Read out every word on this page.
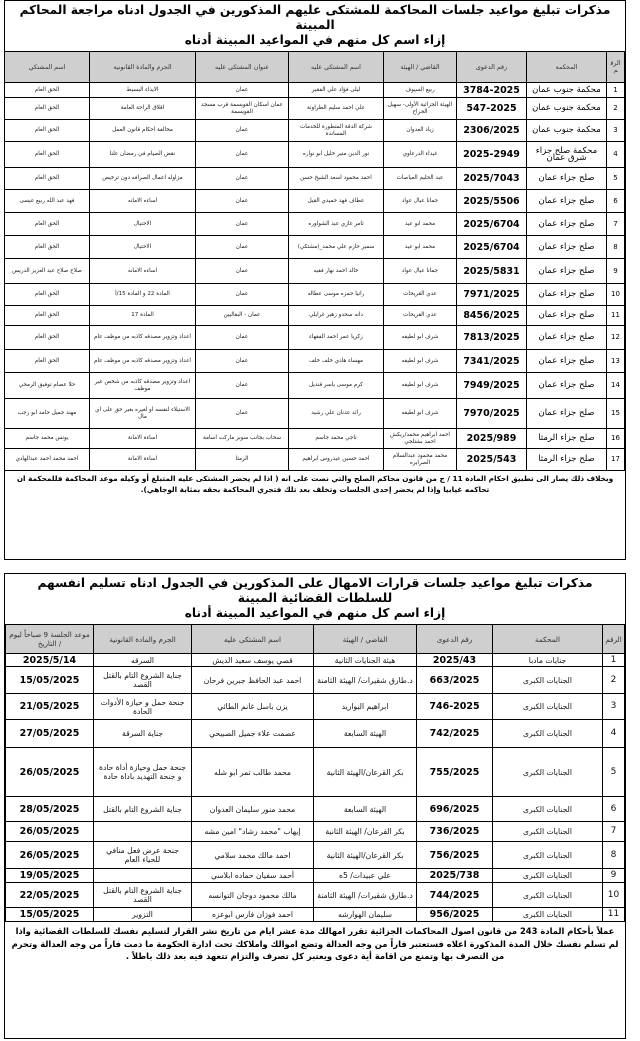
مذكرات تبليغ مواعيد جلسات المحاكمة للمشتكى عليهم المذكورين في الجدول ادناه مراجعة المحاكم المبينة
إزاء اسم كل منهم في المواعيد المبينة أدناه
الرقم	المحكمة	رقم الدعوى	القاضي / الهيئة	اسم المشتكى عليه	عنوان المشتكى عليه	الجرم والمادة القانونية	اسم المشتكي
1	محكمة جنوب عمان	3784-2025	ربيع السيوف	ليلى فؤاد علي الفقير	عمان	الايذاء البسيط	الحق العام
2	محكمة جنوب عمان	547-2025	الهيئة الجزائية الأولى- سهيل الجراح	علي احمد سليم الطراونة	عمان اسكان القويسمة قرب مسجد القويسمة	اقلاق الراحة العامة	الحق العام
3	محكمة جنوب عمان	2306/2025	زياد العدوان	شركة الدقة المتطورة للخدمات المساندة	عمان	مخالفة احكام قانون العمل	الحق العام
4	محكمة صلح جزاء شرق عمان	2025-2949	غيداء الدرعاوي	نور الدين منير خليل ابو نواره	عمان	نقض الصيام في رمضان علنا	الحق العام
5	صلح جزاء عمان	2025/7043	عبد الحليم العياصات	احمد محمود اسعد الشيخ حسن	عمان	مزاوله اعمال الصرافه دون ترخيص	الحق العام
6	صلح جزاء عمان	2025/5506	جمانا عيال عواد	عطاف فهد حميدي القيل	عمان	اساءه الامانه	فهد عبد الله ربيع عيسى
7	صلح جزاء عمان	2025/6704	محمد ابو عيد	ثامر غازي عبد الشواوره	عمان	الاحتيال	الحق العام
8	صلح جزاء عمان	2025/6704	محمد ابو عيد	سمير حازم علي محمد_(مشتكي)	عمان	الاحتيال	الحق العام
9	صلح جزاء عمان	2025/5831	جمانا عيال عواد	خالد احمد نهار فقيه	عمان	اساءه الامانه	صلاح صلاح عبد العزيز الدريس
10	صلح جزاء عمان	7971/2025	عدي القريحات	رانيا حمزه موسى عطاله	عمان	المادة 22 و المادة 15/أ	الحق العام
11	صلح جزاء عمان	8456/2025	عدي القريحات	دانه سحدو زهير غرايلي	عمان - البقاليين	المادة 17	الحق العام
12	صلح جزاء عمان	7813/2025	شرف ابو لطيفه	زكريا عمر احمد الفقهاء	عمان	اعداد وتزوير مصدقه كاذبه من موظف عام	الحق العام
13	صلح جزاء عمان	7341/2025	شرف ابو لطيفه	مهساء هادي خلف خلف	عمان	اعداد وتزوير مصدقه كاذبه من موظف عام	الحق العام
14	صلح جزاء عمان	7949/2025	شرف ابو لطيفه	كرم موسى ياسر قنديل	عمان	اعداد وتزوير مصدقه كاذبه من شخص غير موظف	حلا عصام توفيق الرمحي
15	صلح جزاء عمان	7970/2025	شرف ابو لطيفه	رائد عدنان علي رشيد	عمان	الاستيلاء لنفسه او لغيره بغير حق على اي مال	مهند جميل حامد ابو رجب
16	صلح جزاء الرمثا	2025/989	احمد ابراهيم محمد/ريكش احمد بشتلجي	تاجي محمد جاسم	سحاب بجانب سوبر ماركت اسامة	اساءة الامانة	يونس محمد جاسم
17	صلح جزاء الرمثا	2025/543	محمد محمود عبدالسلام الصرايره	احمد حسين عيدروس ابراهيم	الرمثا	اساءة الامانة	احمد محمد احمد عبدالهادي
وبخلاف ذلك يصار الى تطبيق احكام المادة 11 / ج من قانون محاكم الصلح والتي نصت على انه ( اذا لم يحضر المشتكى عليه المتبلغ أو وكيله موعد المحاكمة فللمحكمة ان تحاكمه غيابيا وإذا لم يحضر إحدى الجلسات وتخلف بعد تلك فتجري المحاكمة بحقه بمثابة الوجاهي).
مذكرات تبليغ مواعيد جلسات قرارات الامهال على المذكورين في الجدول ادناه تسليم انفسهم للسلطات القضائية المبينة
إزاء اسم كل منهم في المواعيد المبينة أدناه
الرقم	المحكمة	رقم الدعوى	القاضي / الهيئة	اسم المشتكى عليه	الجرم والمادة القانونية	موعد الجلسة 9 صباحاً ليوم / التاريخ
1	جنايات مادبا	2025/43	هيئة الجنايات الثانية	قصي يوسف سعيد الديش	السرقه	2025/5/14
2	الجنايات الكبرى	663/2025	د.طارق شقيرات/ الهيئة الثامنة	احمد عبد الحافظ جبرين فرحان	جناية الشروع التام بالقتل القصد	15/05/2025
3	الجنايات الكبرى	746-2025	ابراهيم البواريد	يزن باسل غانم الطائي	جنحة حمل و حيازة الأدوات الحادة	21/05/2025
4	الجنايات الكبرى	742/2025	الهيئة السابعة	عصمت علاء جميل الصبيحي	جناية السرقة	27/05/2025
5	الجنايات الكبرى	755/2025	بكر القرعان/الهيئة الثانية	محمد طالب تمر ابو شله	جنحة حمل وحيازة أداة حادة و جنحة التهديد باداة حادة	26/05/2025
6	الجنايات الكبرى	696/2025	الهيئة السابعة	محمد منور سليمان العدوان	جناية الشروع التام بالقتل	28/05/2025
7	الجنايات الكبرى	736/2025	بكر القرعان/ الهيئة الثانية	إيهاب "محمد رشاد" امين مشه		26/05/2025
8	الجنايات الكبرى	756/2025	بكر القرعان/الهيئة الثانية	احمد مالك محمد سلامي	جنحة عرض فعل منافي للحياء العام	26/05/2025
9	الجنايات الكبرى	2025/738	علي عبيدات/ 5ه	أحمد سفيان حماده ابلاسي		19/05/2025
10	الجنايات الكبرى	744/2025	د.طارق شقيرات/ الهيئة الثامنة	مالك محمود دوجان التوانسه	جناية الشروع التام بالقتل القصد	22/05/2025
11	الجنايات الكبرى	956/2025	سليمان الهوارشه	احمد فوزان فارس ابوعزه	التزوير	15/05/2025
عملاً بأحكام المادة 243 من قانون اصول المحاكمات الجزائية تقرر امهالك مدة عشر ايام من تاريخ نشر القرار لتسليم نفسك للسلطات القضائية واذا لم تسلم نفسك خلال المدة المذكورة اعلاه فستعتبر فاراً من وجه العدالة وتضع اموالك واملاكك تحت ادارة الحكومة ما دمت فاراً من وجه العدالة وتحرم من التصرف بها وتمنع من اقامة أية دعوى ويعتبر كل تصرف والتزام تتعهد فيه بعد ذلك باطلاً .
